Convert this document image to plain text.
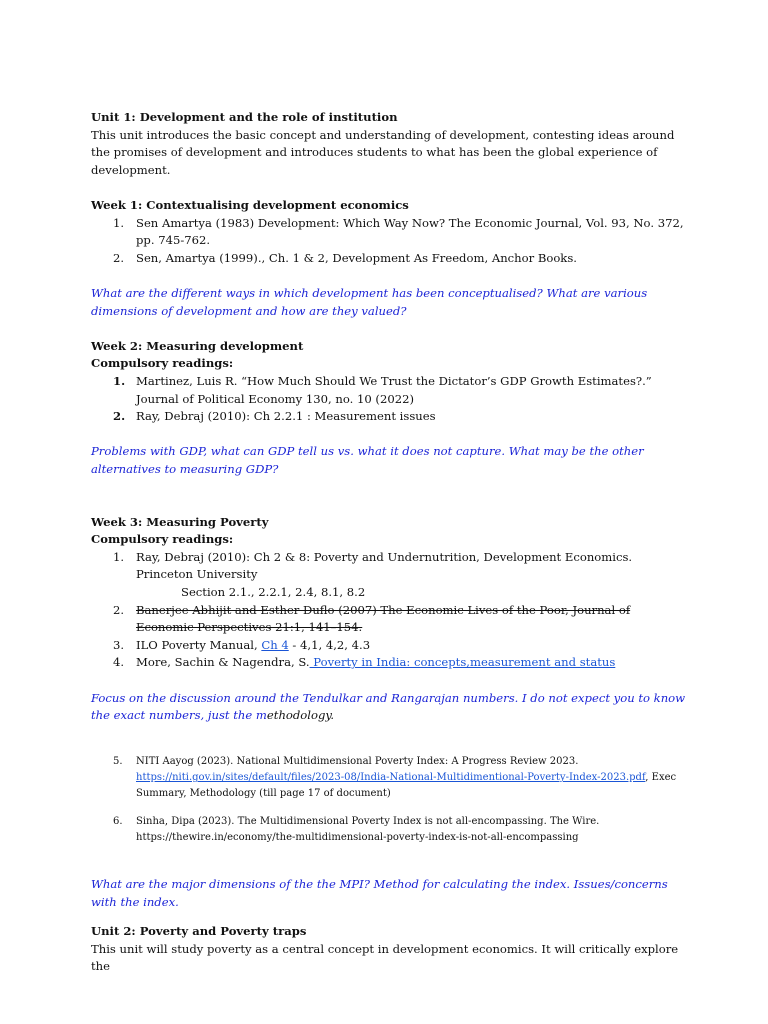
Unit 1: Development and the role of institution

This unit introduces the basic concept and understanding of development, contesting ideas around the promises of development and introduces students to what has been the global experience of development.

Week 1: Contextualising development economics

1. Sen Amartya (1983) Development: Which Way Now? The Economic Journal, Vol. 93, No. 372, pp. 745-762.
2. Sen, Amartya (1999)., Ch. 1 & 2, Development As Freedom, Anchor Books.

What are the different ways in which development has been conceptualised? What are various dimensions of development and how are they valued?

Week 2: Measuring development

Compulsory readings:

1. Martinez, Luis R. “How Much Should We Trust the Dictator’s GDP Growth Estimates?.” Journal of Political Economy 130, no. 10 (2022)
2. Ray, Debraj (2010): Ch 2.2.1 : Measurement issues

Problems with GDP, what can GDP tell us vs. what it does not capture. What may be the other alternatives to measuring GDP?

Week 3: Measuring Poverty

Compulsory readings:

1. Ray, Debraj (2010): Ch 2 & 8: Poverty and Undernutrition, Development Economics. Princeton University

Section 2.1., 2.2.1, 2.4, 8.1, 8.2

2. Banerjee Abhijit and Esther Duflo (2007) The Economic Lives of the Poor, Journal of Economic Perspectives 21:1, 141–154.
3. ILO Poverty Manual, Ch 4 - 4,1, 4,2, 4.3
4. More, Sachin & Nagendra, S. Poverty in India: concepts,measurement and status

Focus on the discussion around the Tendulkar and Rangarajan numbers. I do not expect you to know the exact numbers, just the methodology.

5. NITI Aayog (2023). National Multidimensional Poverty Index: A Progress Review 2023.
https://niti.gov.in/sites/default/files/2023-08/India-National-Multidimentional-Poverty-Index-2023.pdf, Exec Summary, Methodology (till page 17 of document)
6. Sinha, Dipa (2023). The Multidimensional Poverty Index is not all-encompassing. The Wire.
https://thewire.in/economy/the-multidimensional-poverty-index-is-not-all-encompassing

What are the major dimensions of the the MPI? Method for calculating the index. Issues/concerns with the index.

Unit 2: Poverty and Poverty traps

This unit will study poverty as a central concept in development economics. It will critically explore the
